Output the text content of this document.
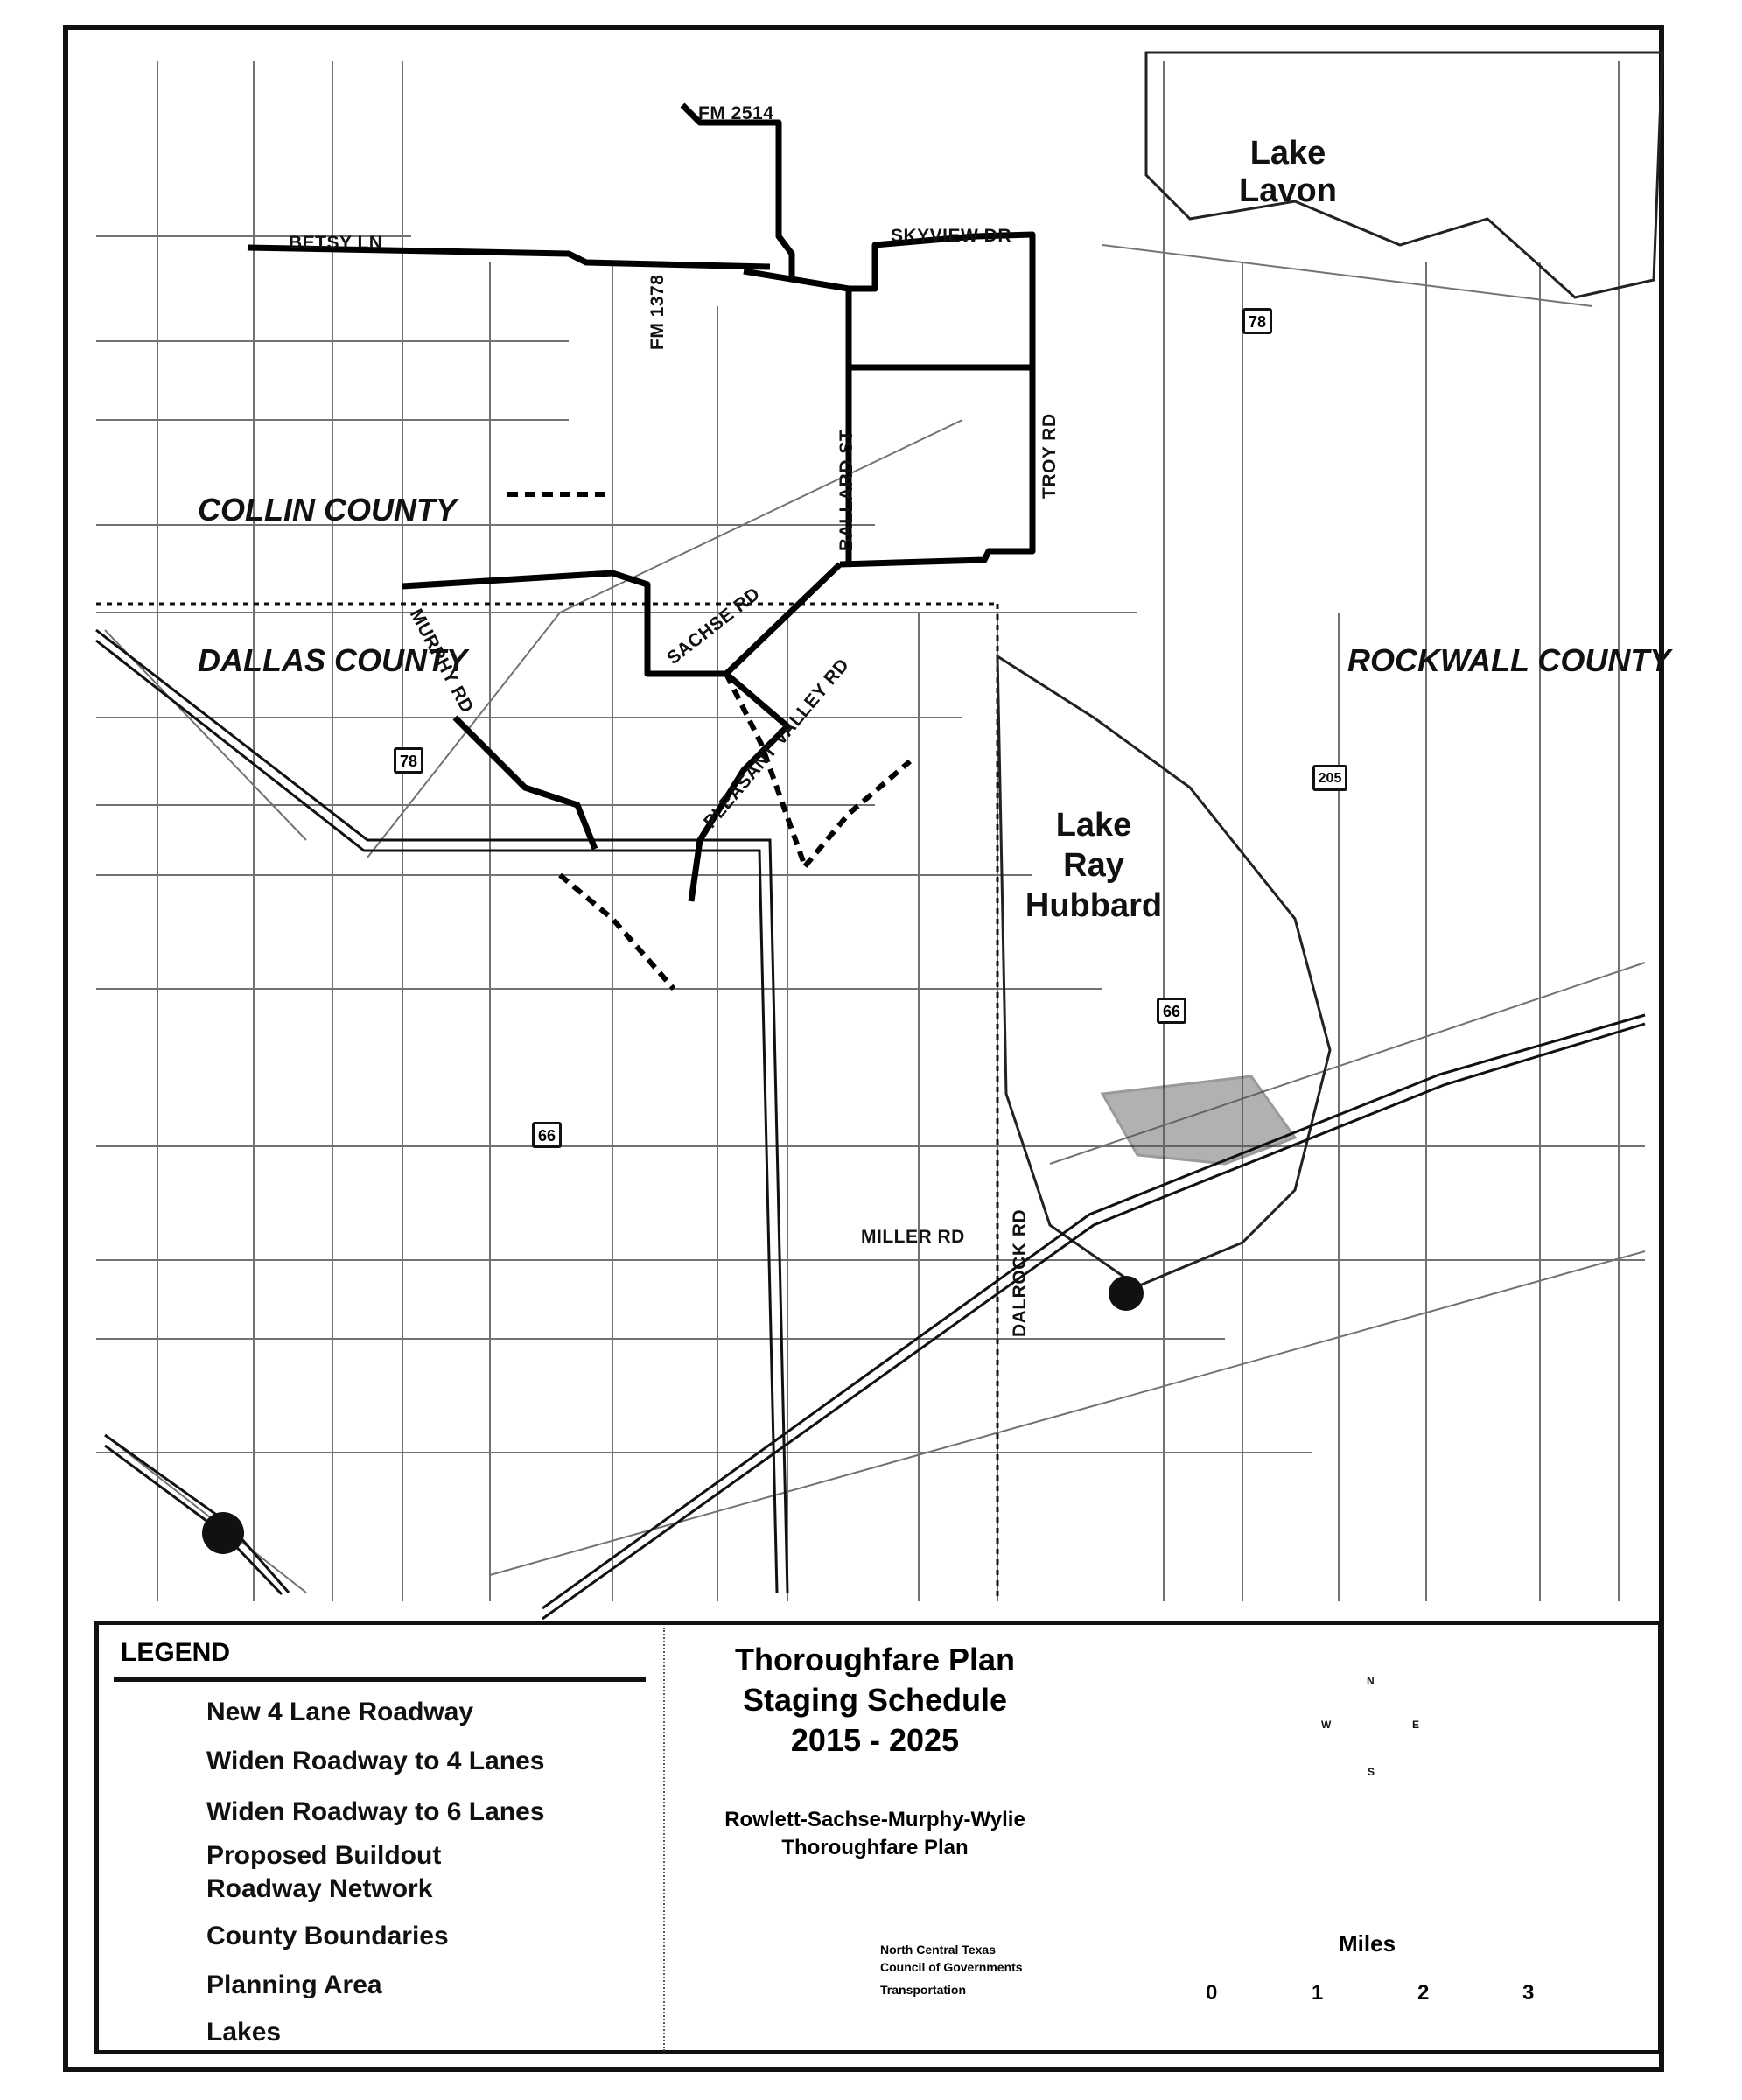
FM 2514
BETSY LN	SKYVIEW DR
FM 1378
BALLARD ST	TROY RD
MURPHY RD	SACHSE RD
PLEASANT VALLEY RD
MILLER RD DALROCK RD
COLLIN COUNTY
DALLAS COUNTY	ROCKWALL COUNTY
Lake
Lavon
Lake
Ray
Hubbard
78
78
205
66
66
LEGEND
New 4 Lane Roadway
Widen Roadway to 4 Lanes
Widen Roadway to 6 Lanes
Proposed Buildout
Roadway Network
County Boundaries
Planning Area
Lakes
Thoroughfare Plan
Staging Schedule
2015 - 2025
Rowlett-Sachse-Murphy-Wylie
Thoroughfare Plan
North Central Texas
Council of Governments
Transportation
N
E
S
W
Miles
0	1	2	3
